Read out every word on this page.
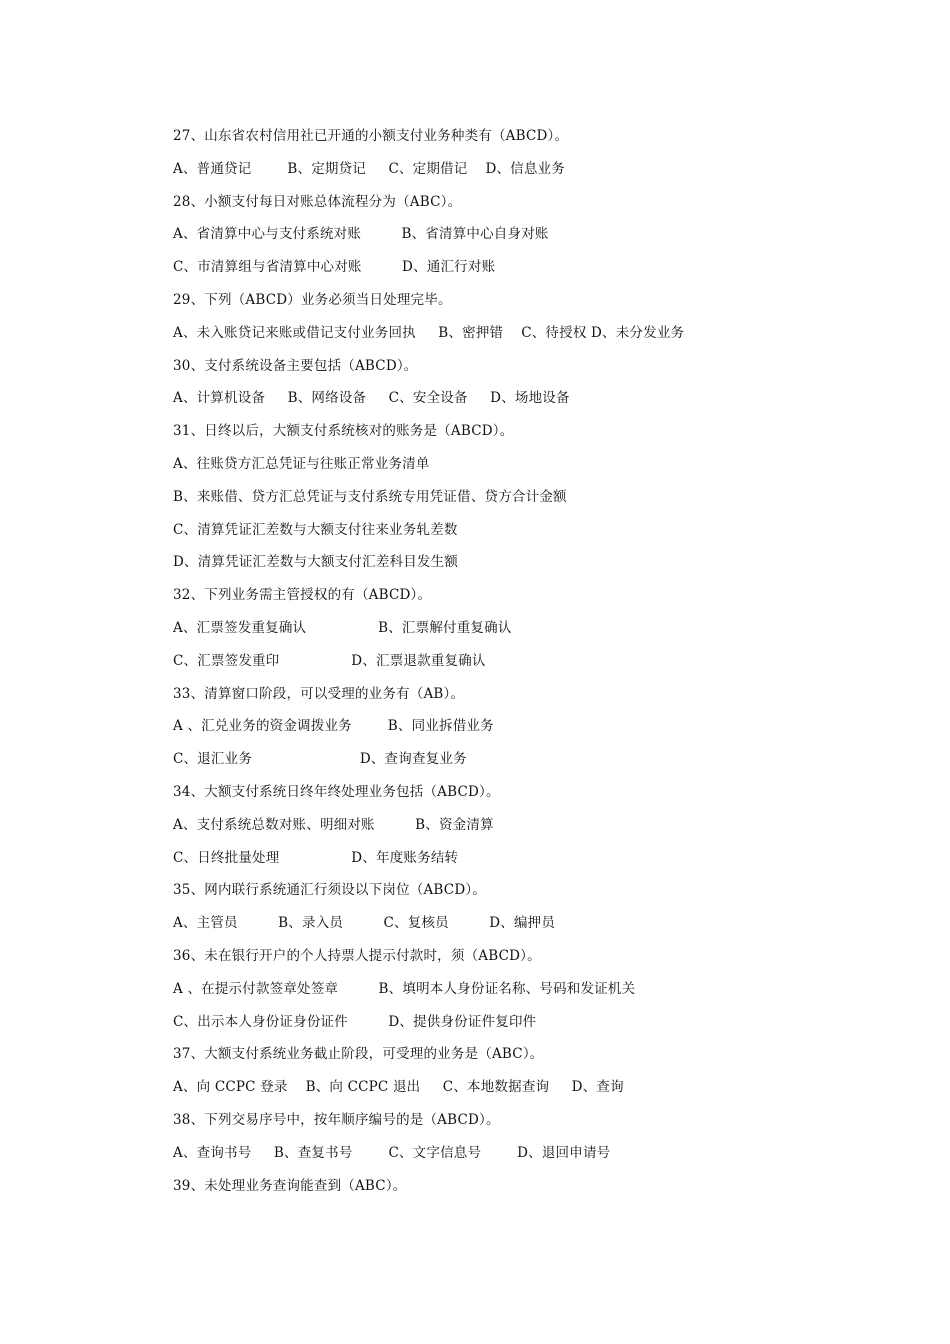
27、山东省农村信用社已开通的小额支付业务种类有（ABCD）。
A、普通贷记        B、定期贷记     C、定期借记    D、信息业务
28、小额支付每日对账总体流程分为（ABC）。
A、省清算中心与支付系统对账         B、省清算中心自身对账
C、市清算组与省清算中心对账         D、通汇行对账
29、下列（ABCD）业务必须当日处理完毕。
A、未入账贷记来账或借记支付业务回执     B、密押错    C、待授权 D、未分发业务
30、支付系统设备主要包括（ABCD）。
A、计算机设备     B、网络设备     C、安全设备     D、场地设备
31、日终以后，大额支付系统核对的账务是（ABCD）。
A、往账贷方汇总凭证与往账正常业务清单
B、来账借、贷方汇总凭证与支付系统专用凭证借、贷方合计金额
C、清算凭证汇差数与大额支付往来业务轧差数
D、清算凭证汇差数与大额支付汇差科目发生额
32、下列业务需主管授权的有（ABCD）。
A、汇票签发重复确认                B、汇票解付重复确认
C、汇票签发重印                D、汇票退款重复确认
33、清算窗口阶段，可以受理的业务有（AB）。
A 、汇兑业务的资金调拨业务        B、同业拆借业务
C、退汇业务                        D、查询查复业务
34、大额支付系统日终年终处理业务包括（ABCD）。
A、支付系统总数对账、明细对账         B、资金清算
C、日终批量处理                D、年度账务结转
35、网内联行系统通汇行须设以下岗位（ABCD）。
A、主管员         B、录入员         C、复核员         D、编押员
36、未在银行开户的个人持票人提示付款时，须（ABCD）。
A 、在提示付款签章处签章         B、填明本人身份证名称、号码和发证机关
C、出示本人身份证身份证件         D、提供身份证件复印件
37、大额支付系统业务截止阶段，可受理的业务是（ABC）。
A、向 CCPC 登录    B、向 CCPC 退出     C、本地数据查询     D、查询
38、下列交易序号中，按年顺序编号的是（ABCD）。
A、查询书号     B、查复书号        C、文字信息号        D、退回申请号
39、未处理业务查询能查到（ABC）。
